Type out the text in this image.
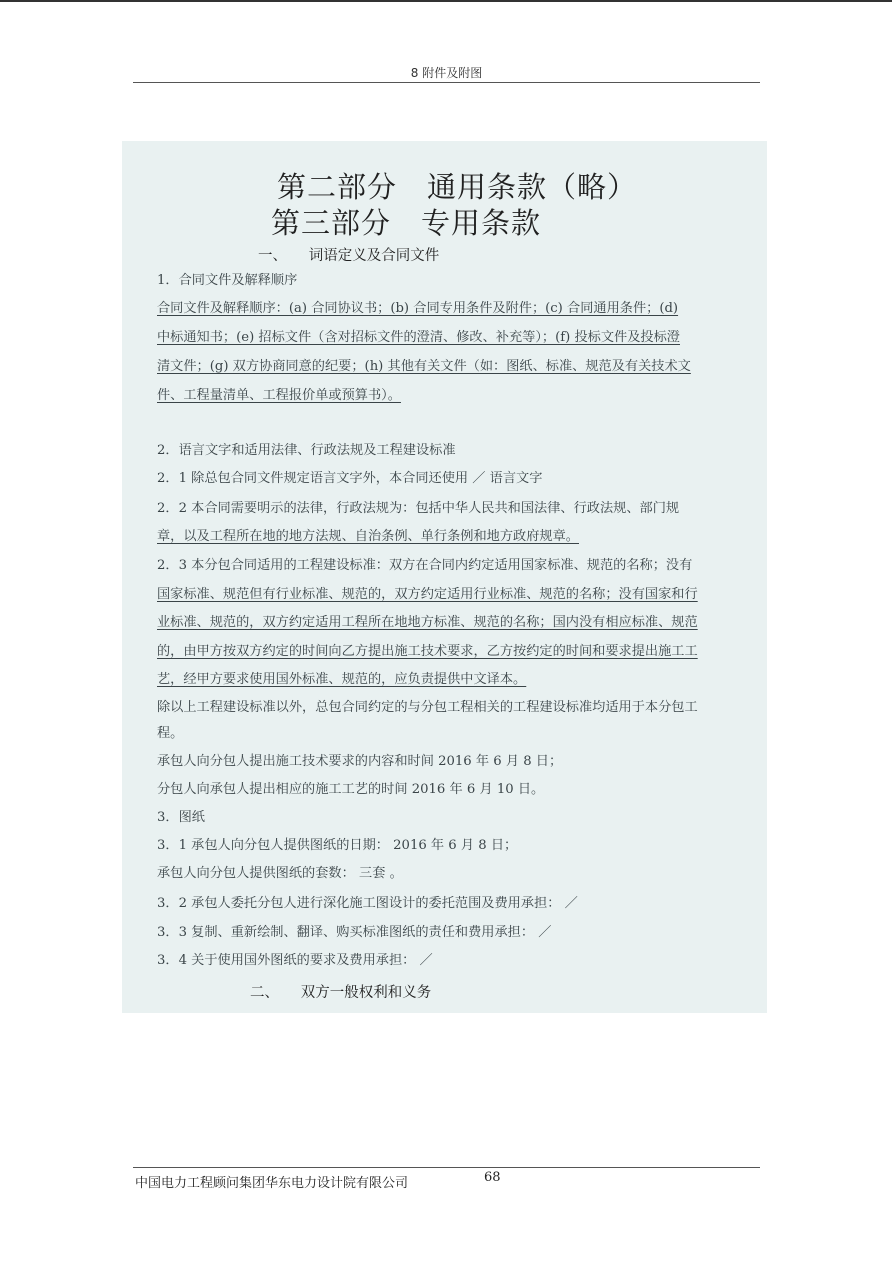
8 附件及附图
第二部分　通用条款（略）
第三部分　专用条款
一、　　词语定义及合同文件
1．合同文件及解释顺序
合同文件及解释顺序：(a) 合同协议书；(b) 合同专用条件及附件；(c) 合同通用条件；(d)
中标通知书；(e) 招标文件（含对招标文件的澄清、修改、补充等）；(f) 投标文件及投标澄
清文件；(g) 双方协商同意的纪要；(h) 其他有关文件（如：图纸、标准、规范及有关技术文
件、工程量清单、工程报价单或预算书）。
2．语言文字和适用法律、行政法规及工程建设标准
2．1 除总包合同文件规定语言文字外，本合同还使用 ／ 语言文字
2．2 本合同需要明示的法律，行政法规为：包括中华人民共和国法律、行政法规、部门规
章，以及工程所在地的地方法规、自治条例、单行条例和地方政府规章。
2．3 本分包合同适用的工程建设标准：双方在合同内约定适用国家标准、规范的名称；没有
国家标准、规范但有行业标准、规范的，双方约定适用行业标准、规范的名称；没有国家和行
业标准、规范的，双方约定适用工程所在地地方标准、规范的名称；国内没有相应标准、规范
的，由甲方按双方约定的时间向乙方提出施工技术要求，乙方按约定的时间和要求提出施工工
艺，经甲方要求使用国外标准、规范的，应负责提供中文译本。
除以上工程建设标准以外，总包合同约定的与分包工程相关的工程建设标准均适用于本分包工
程。
承包人向分包人提出施工技术要求的内容和时间 2016 年 6 月 8 日；
分包人向承包人提出相应的施工工艺的时间 2016 年 6 月 10 日。
3．图纸
3．1 承包人向分包人提供图纸的日期： 2016 年 6 月 8 日；
承包人向分包人提供图纸的套数： 三套 。
3．2 承包人委托分包人进行深化施工图设计的委托范围及费用承担： ／
3．3 复制、重新绘制、翻译、购买标准图纸的责任和费用承担： ／
3．4 关于使用国外图纸的要求及费用承担： ／
二、　　双方一般权利和义务
中国电力工程顾问集团华东电力设计院有限公司	68
